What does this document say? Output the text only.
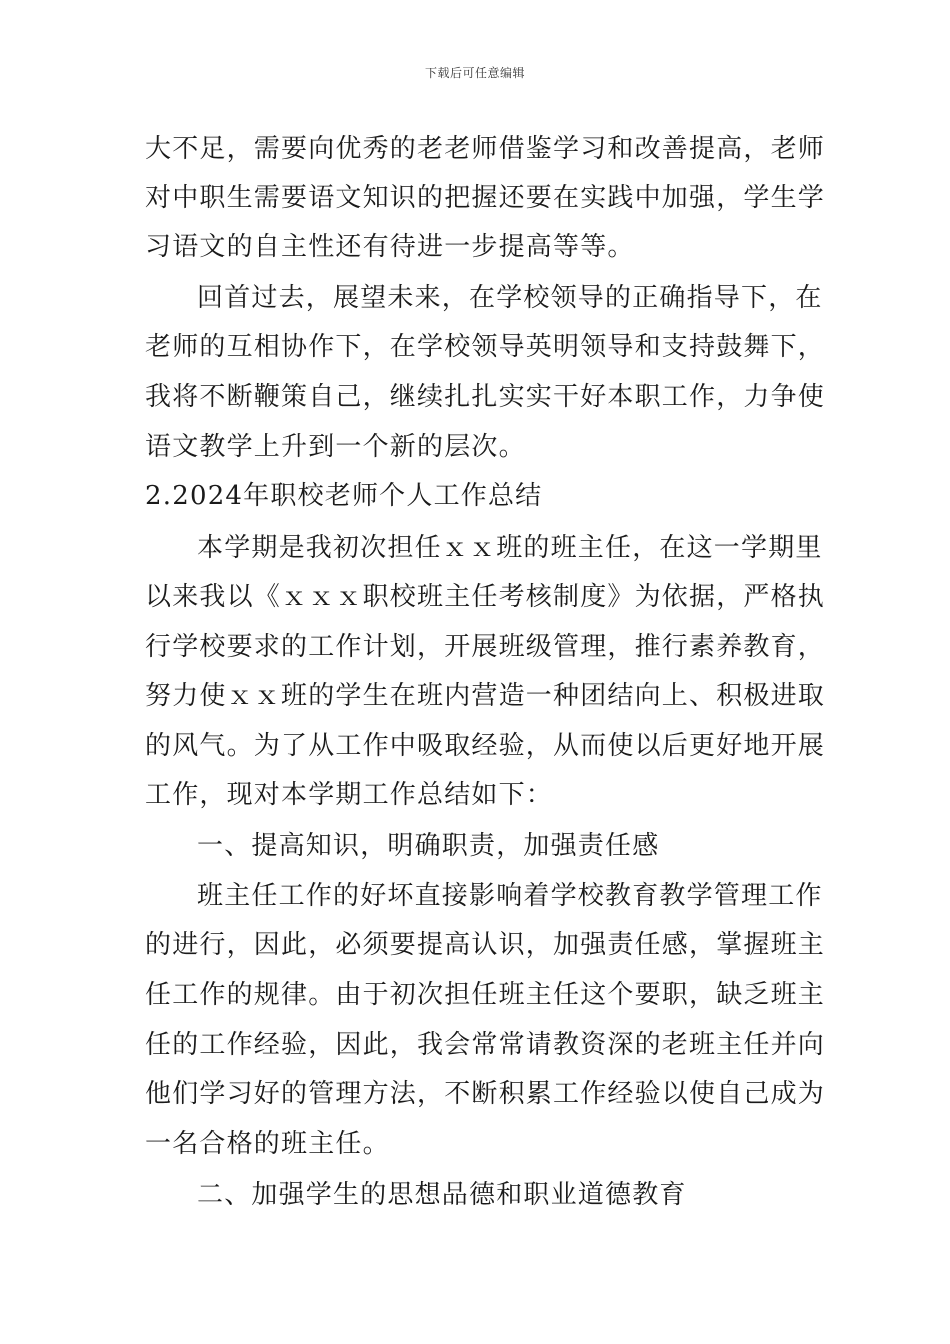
下载后可任意编辑
大不足，需要向优秀的老老师借鉴学习和改善提高，老师
对中职生需要语文知识的把握还要在实践中加强，学生学
习语文的自主性还有待进一步提高等等。
回首过去，展望未来，在学校领导的正确指导下，在
老师的互相协作下，在学校领导英明领导和支持鼓舞下，
我将不断鞭策自己，继续扎扎实实干好本职工作，力争使
语文教学上升到一个新的层次。
2.2024年职校老师个人工作总结
本学期是我初次担任ｘｘ班的班主任，在这一学期里
以来我以《ｘｘｘ职校班主任考核制度》为依据，严格执
行学校要求的工作计划，开展班级管理，推行素养教育，
努力使ｘｘ班的学生在班内营造一种团结向上、积极进取
的风气。为了从工作中吸取经验，从而使以后更好地开展
工作，现对本学期工作总结如下：
一、提高知识，明确职责，加强责任感
班主任工作的好坏直接影响着学校教育教学管理工作
的进行，因此，必须要提高认识，加强责任感，掌握班主
任工作的规律。由于初次担任班主任这个要职，缺乏班主
任的工作经验，因此，我会常常请教资深的老班主任并向
他们学习好的管理方法，不断积累工作经验以使自己成为
一名合格的班主任。
二、加强学生的思想品德和职业道德教育
